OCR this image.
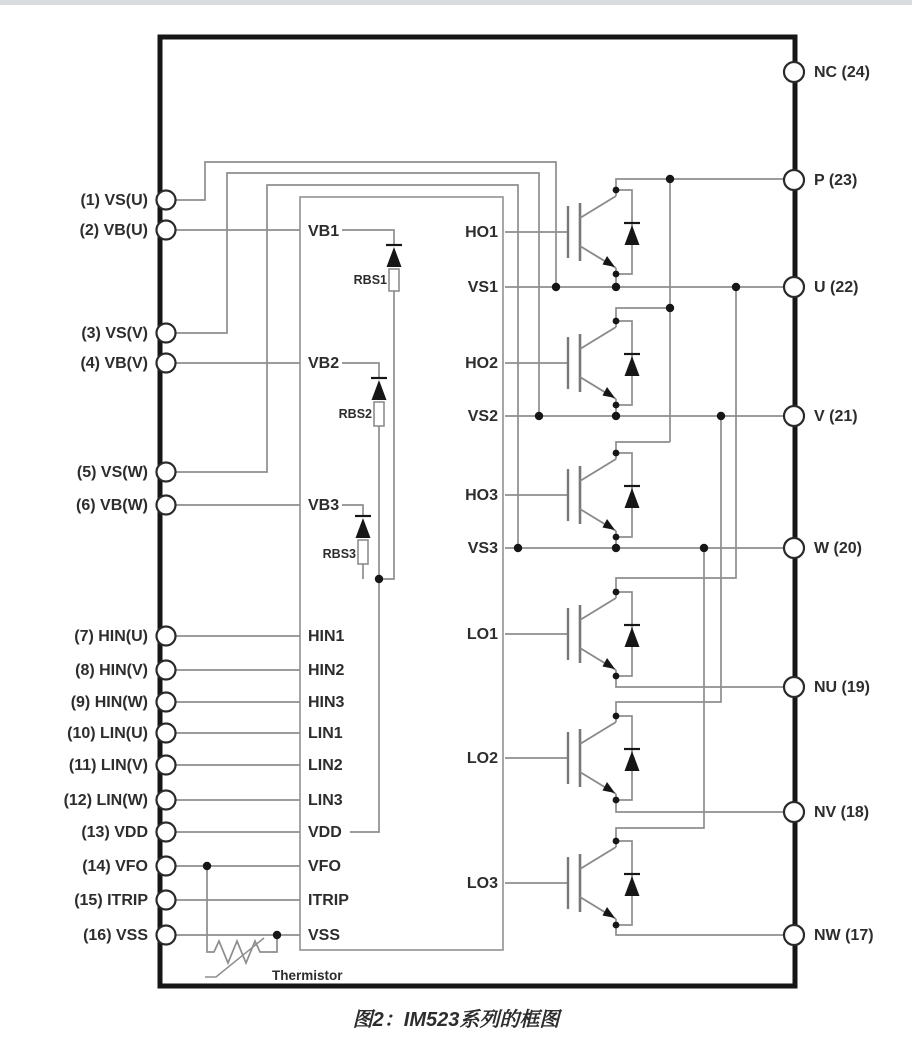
(1) VS(U)
(2) VB(U)
(3) VS(V)
(4) VB(V)
(5) VS(W)
(6) VB(W)
(7) HIN(U)
(8) HIN(V)
(9) HIN(W)
(10) LIN(U)
(11) LIN(V)
(12) LIN(W)
(13) VDD
(14) VFO
(15) ITRIP
(16) VSS
NC (24)
P (23)
U (22)
V (21)
W (20)
NU (19)
NV (18)
NW (17)
VB1
VB2
VB3
HIN1
HIN2
HIN3
LIN1
LIN2
LIN3
VDD
VFO
ITRIP
VSS
HO1
VS1
HO2
VS2
HO3
VS3
LO1
LO2
LO3
RBS1
RBS2
RBS3
Thermistor
图2：IM523系列的框图
